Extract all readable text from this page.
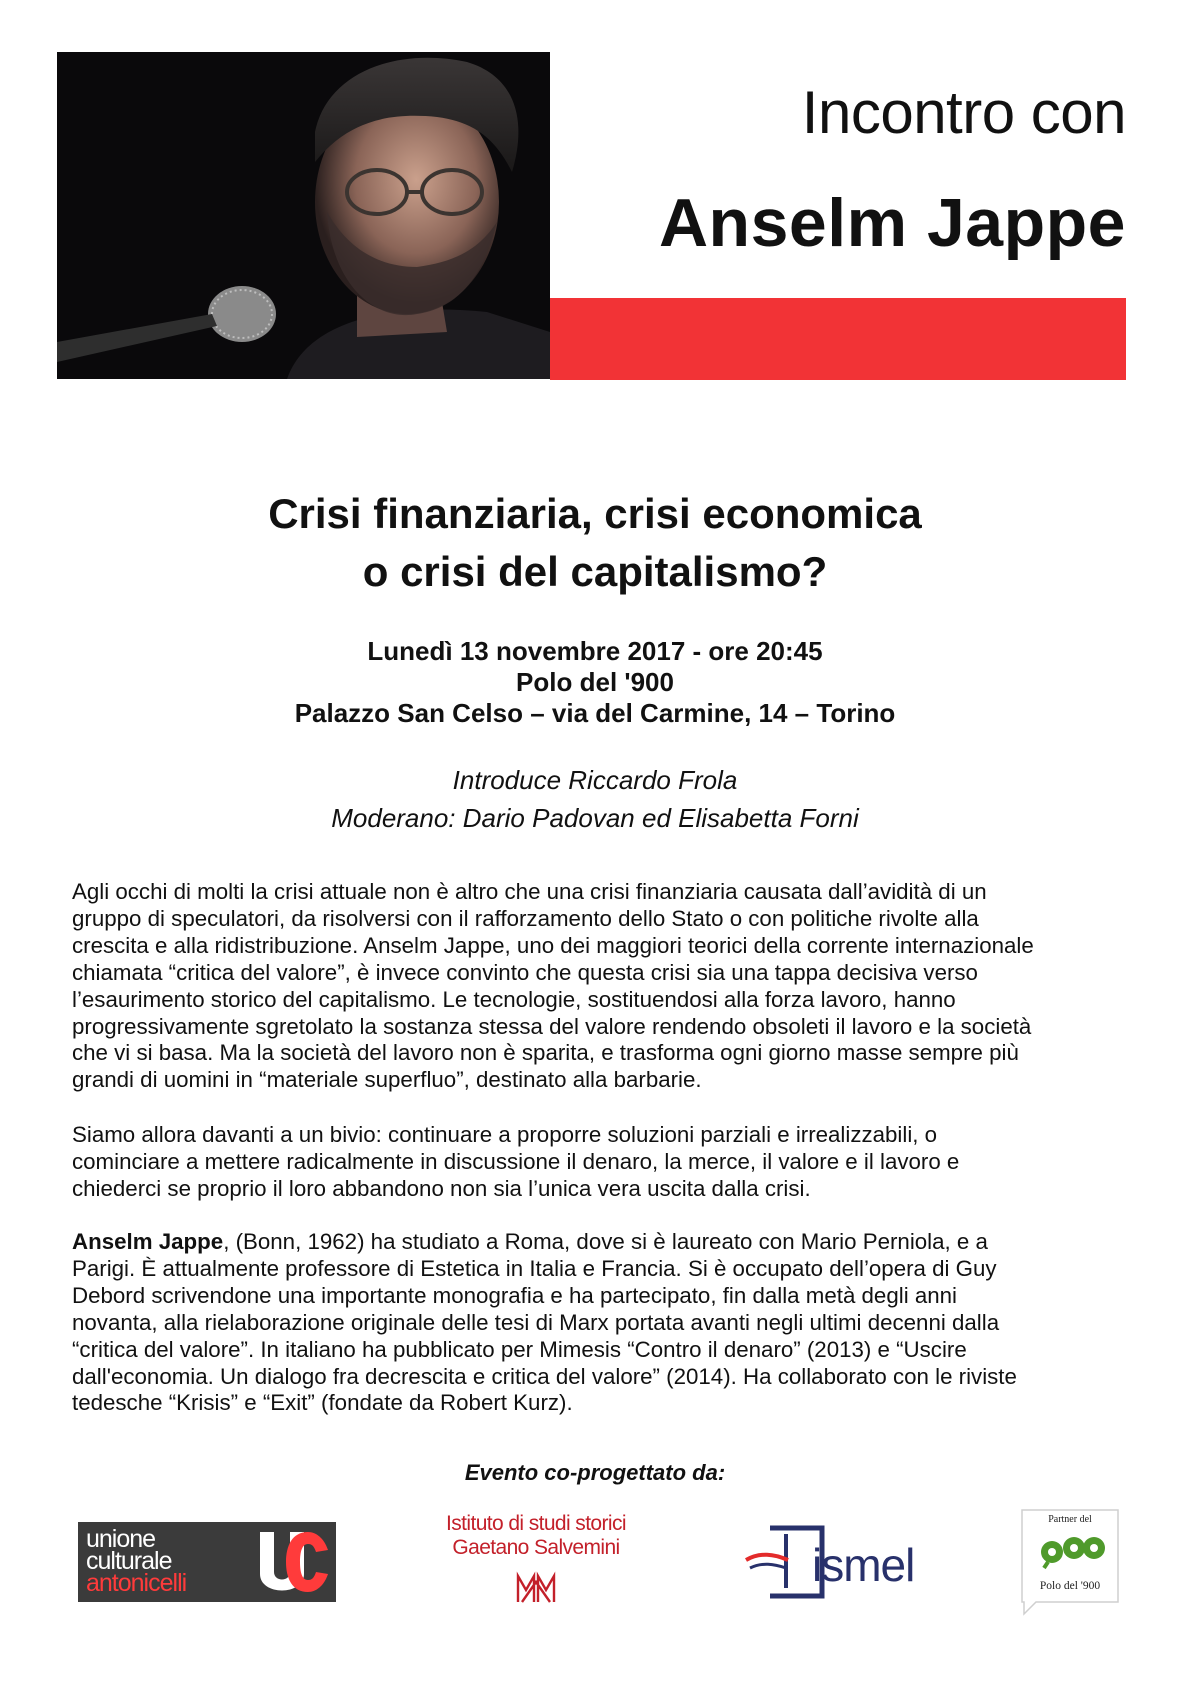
Incontro con
Anselm Jappe
Crisi finanziaria, crisi economica
o crisi del capitalismo?
Lunedì 13 novembre 2017 - ore 20:45
Polo del '900
Palazzo San Celso – via del Carmine, 14 – Torino
Introduce Riccardo Frola
Moderano: Dario Padovan ed Elisabetta Forni
Agli occhi di molti la crisi attuale non è altro che una crisi finanziaria causata dall’avidità di un
gruppo di speculatori, da risolversi con il rafforzamento dello Stato o con politiche rivolte alla
crescita e alla ridistribuzione. Anselm Jappe, uno dei maggiori teorici della corrente internazionale
chiamata “critica del valore”, è invece convinto che questa crisi sia una tappa decisiva verso
l’esaurimento storico del capitalismo. Le tecnologie, sostituendosi alla forza lavoro, hanno
progressivamente sgretolato la sostanza stessa del valore rendendo obsoleti il lavoro e la società
che vi si basa. Ma la società del lavoro non è sparita, e trasforma ogni giorno masse sempre più
grandi di uomini in “materiale superfluo”, destinato alla barbarie.
Siamo allora davanti a un bivio: continuare a proporre soluzioni parziali e irrealizzabili, o
cominciare a mettere radicalmente in discussione il denaro, la merce, il valore e il lavoro e
chiederci se proprio il loro abbandono non sia l’unica vera uscita dalla crisi.
Anselm Jappe, (Bonn, 1962) ha studiato a Roma, dove si è laureato con Mario Perniola, e a
Parigi. È attualmente professore di Estetica in Italia e Francia. Si è occupato dell’opera di Guy
Debord scrivendone una importante monografia e ha partecipato, fin dalla metà degli anni
novanta, alla rielaborazione originale delle tesi di Marx portata avanti negli ultimi decenni dalla
“critica del valore”. In italiano ha pubblicato per Mimesis “Contro il denaro” (2013) e “Uscire
dall'economia. Un dialogo fra decrescita e critica del valore” (2014). Ha collaborato con le riviste
tedesche “Krisis” e “Exit” (fondate da Robert Kurz).
Evento co-progettato da:
unione
culturale
antonicelli
Istituto di studi storici
Gaetano Salvemini	ismel
Partner del
Polo del '900
